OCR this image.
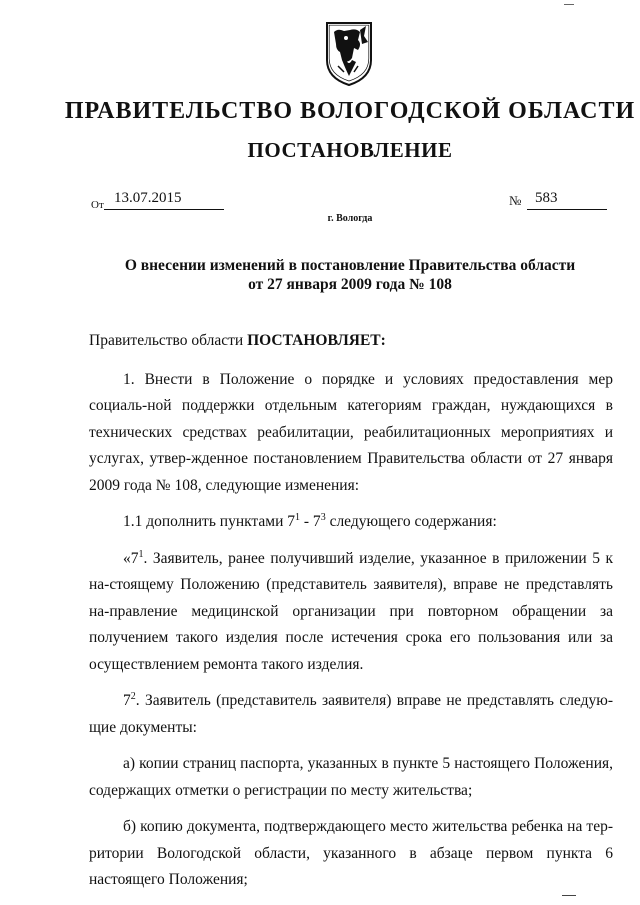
ПРАВИТЕЛЬСТВО ВОЛОГОДСКОЙ ОБЛАСТИ
ПОСТАНОВЛЕНИЕ
От 13.07.2015	№ 583
г. Вологда
О внесении изменений в постановление Правительства области
от 27 января 2009 года № 108

Правительство области ПОСТАНОВЛЯЕТ:

1. Внести в Положение о порядке и условиях предоставления мер социаль-ной поддержки отдельным категориям граждан, нуждающихся в технических средствах реабилитации, реабилитационных мероприятиях и услугах, утвер-жденное постановлением Правительства области от 27 января 2009 года № 108, следующие изменения:

1.1 дополнить пунктами $7^1 - 7^3$ следующего содержания:

«$7^1$. Заявитель, ранее получивший изделие, указанное в приложении 5 к на-стоящему Положению (представитель заявителя), вправе не представлять на-правление медицинской организации при повторном обращении за получением такого изделия после истечения срока его пользования или за осуществлением ремонта такого изделия.

$7^2$. Заявитель (представитель заявителя) вправе не представлять следую-щие документы:

а) копии страниц паспорта, указанных в пункте 5 настоящего Положения, содержащих отметки о регистрации по месту жительства;

б) копию документа, подтверждающего место жительства ребенка на тер-ритории Вологодской области, указанного в абзаце первом пункта 6 настоящего Положения;
